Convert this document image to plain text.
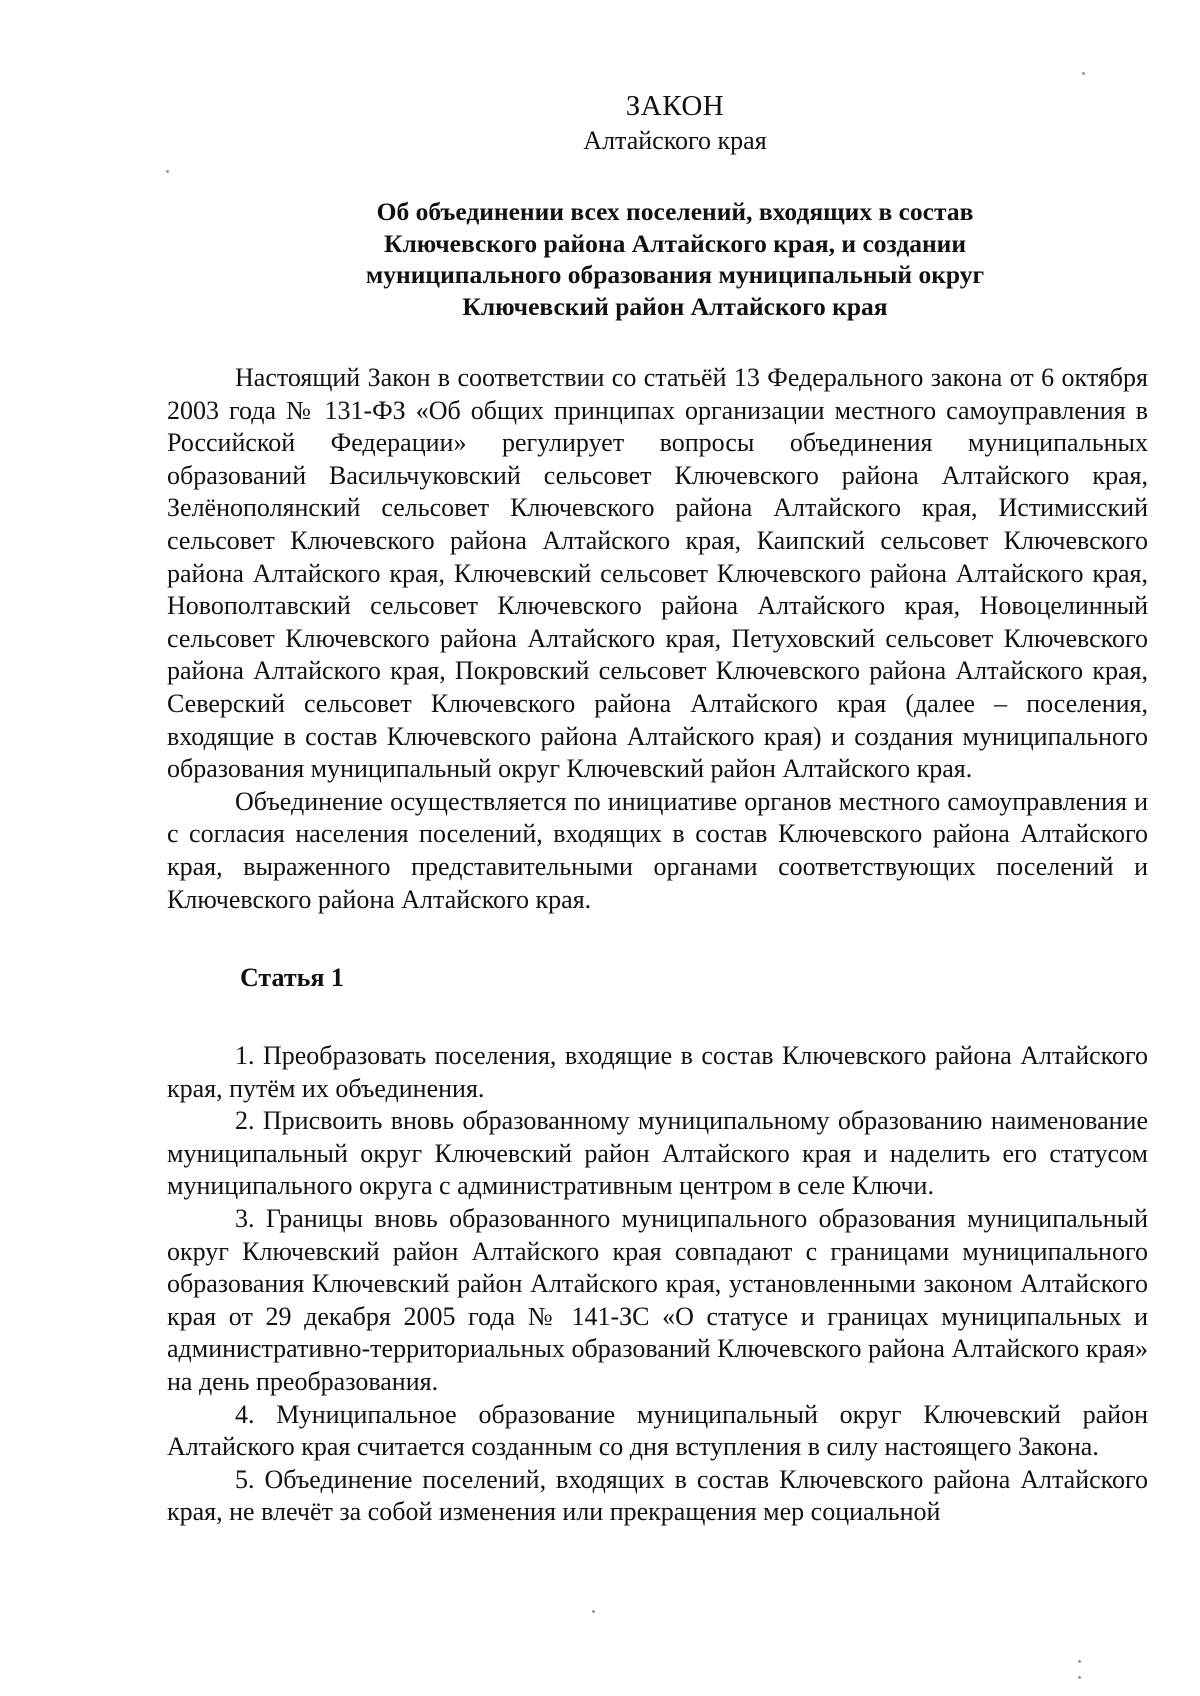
ЗАКОН
Алтайского края
Об объединении всех поселений, входящих в состав
Ключевского района Алтайского края, и создании
муниципального образования муниципальный округ
Ключевский район Алтайского края

Настоящий Закон в соответствии со статьёй 13 Федерального закона от 6 октября 2003 года № 131-ФЗ «Об общих принципах организации местного самоуправления в Российской Федерации» регулирует вопросы объединения муниципальных образований Васильчуковский сельсовет Ключевского района Алтайского края, Зелёнополянский сельсовет Ключевского района Алтайского края, Истимисский сельсовет Ключевского района Алтайского края, Каипский сельсовет Ключевского района Алтайского края, Ключевский сельсовет Ключевского района Алтайского края, Новополтавский сельсовет Ключевского района Алтайского края, Новоцелинный сельсовет Ключевского района Алтайского края, Петуховский сельсовет Ключевского района Алтайского края, Покровский сельсовет Ключевского района Алтайского края, Северский сельсовет Ключевского района Алтайского края (далее – поселения, входящие в состав Ключевского района Алтайского края) и создания муниципального образования муниципальный округ Ключевский район Алтайского края.

Объединение осуществляется по инициативе органов местного самоуправления и с согласия населения поселений, входящих в состав Ключевского района Алтайского края, выраженного представительными органами соответствующих поселений и Ключевского района Алтайского края.

Статья 1

1. Преобразовать поселения, входящие в состав Ключевского района Алтайского края, путём их объединения.

2. Присвоить вновь образованному муниципальному образованию наименование муниципальный округ Ключевский район Алтайского края и наделить его статусом муниципального округа с административным центром в селе Ключи.

3. Границы вновь образованного муниципального образования муниципальный округ Ключевский район Алтайского края совпадают с границами муниципального образования Ключевский район Алтайского края, установленными законом Алтайского края от 29 декабря 2005 года № 141-ЗС «О статусе и границах муниципальных и административно-территориальных образований Ключевского района Алтайского края» на день преобразования.

4. Муниципальное образование муниципальный округ Ключевский район Алтайского края считается созданным со дня вступления в силу настоящего Закона.

5. Объединение поселений, входящих в состав Ключевского района Алтайского края, не влечёт за собой изменения или прекращения мер социальной
